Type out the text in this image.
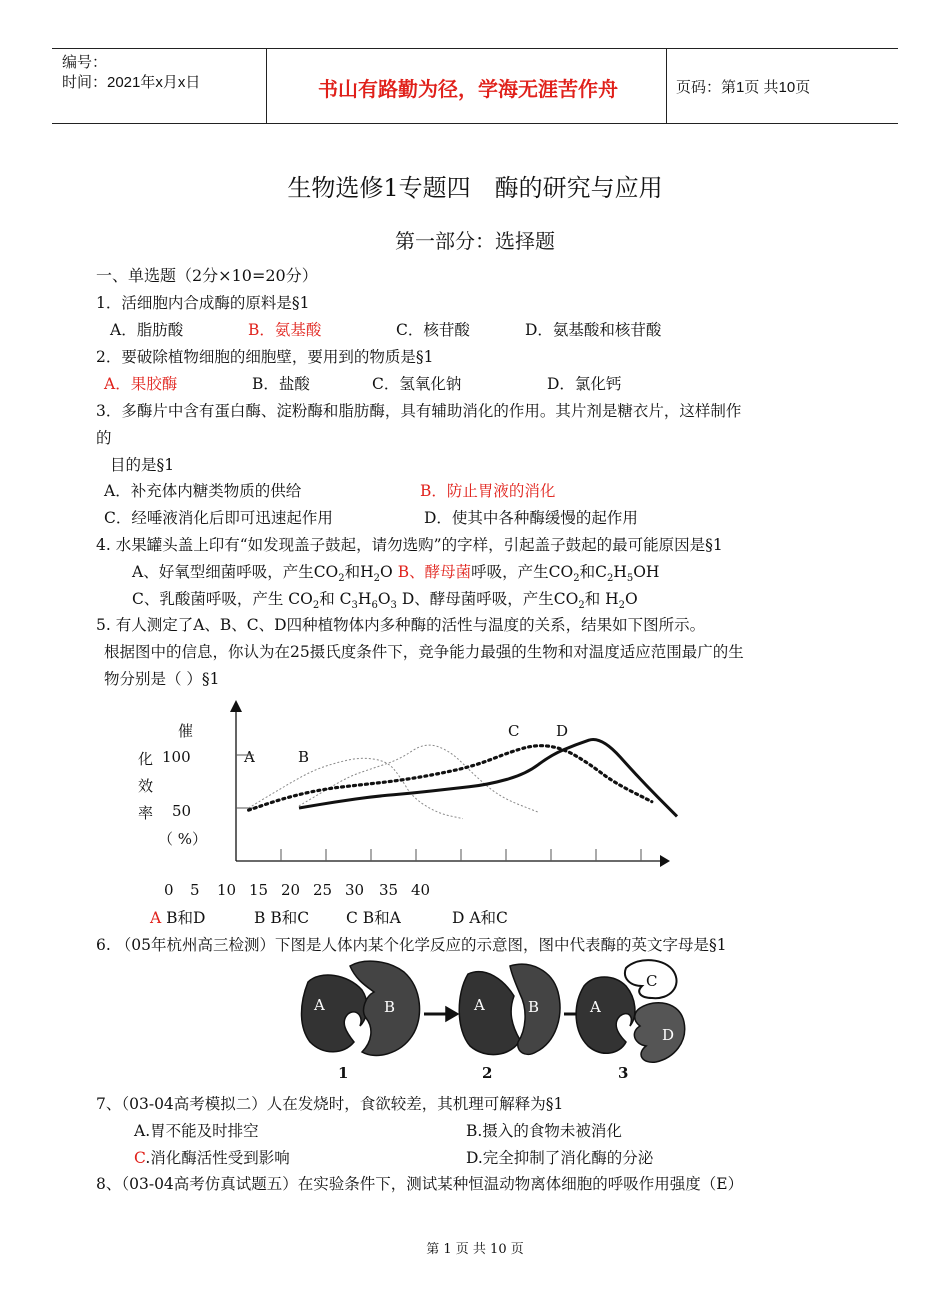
编号：
时间：2021年x月x日	书山有路勤为径，学海无涯苦作舟	页码：第1页 共10页
生物选修1专题四　酶的研究与应用
第一部分：选择题
一、单选题（2分×10=20分）
1．活细胞内合成酶的原料是§1
A．脂肪酸	B．氨基酸	C．核苷酸	D．氨基酸和核苷酸
2．要破除植物细胞的细胞壁，要用到的物质是§1
A．果胶酶	B．盐酸	C．氢氧化钠	D．氯化钙
3．多酶片中含有蛋白酶、淀粉酶和脂肪酶，具有辅助消化的作用。其片剂是糖衣片，这样制作
的
目的是§1
A．补充体内糖类物质的供给	B．防止胃液的消化
C．经唾液消化后即可迅速起作用	D．使其中各种酶缓慢的起作用
4. 水果罐头盖上印有“如发现盖子鼓起，请勿选购”的字样，引起盖子鼓起的最可能原因是§1
A、好氧型细菌呼吸，产生$CO_2$和$H_2O$ B、酵母菌呼吸，产生$CO_2$和$C_2H_5OH$
C、乳酸菌呼吸，产生 $CO_2$和 $C_3H_6O_3$ D、酵母菌呼吸，产生$CO_2$和 $H_2O$
5. 有人测定了A、B、C、D四种植物体内多种酶的活性与温度的关系，结果如下图所示。
根据图中的信息，你认为在25摄氏度条件下，竞争能力最强的生物和对温度适应范围最广的生
物分别是（ ）§1
催
化 100
效
率 50
（ %）
A	B
C D
0 5 10 15 20 25 30 35 40
A B和D	B B和C C B和A	D A和C
6. （05年杭州高三检测）下图是人体内某个化学反应的示意图，图中代表酶的英文字母是§1
A	B	A	B	A
C
D
1	2	3
7、（03-04高考模拟二）人在发烧时，食欲较差，其机理可解释为§1
A.胃不能及时排空	B.摄入的食物未被消化
C.消化酶活性受到影响	D.完全抑制了消化酶的分泌
8、（03-04高考仿真试题五）在实验条件下，测试某种恒温动物离体细胞的呼吸作用强度（E）
第 1 页 共 10 页
